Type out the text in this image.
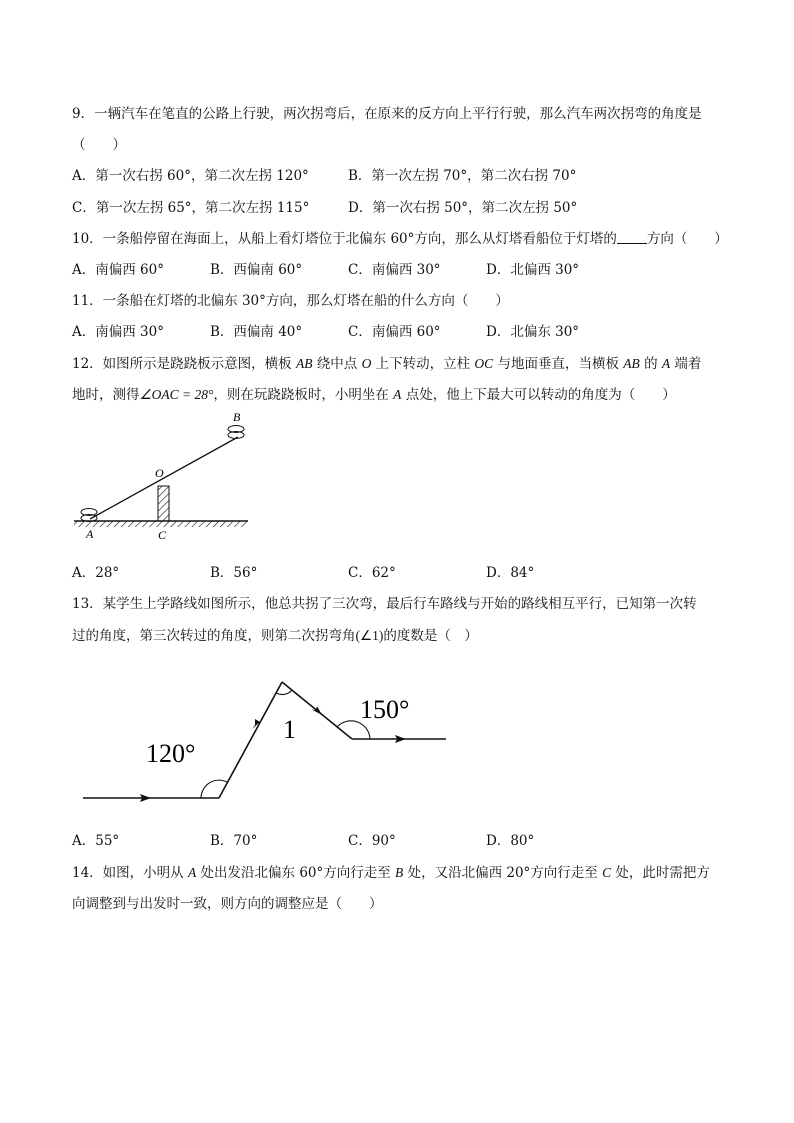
9．一辆汽车在笔直的公路上行驶，两次拐弯后，在原来的反方向上平行行驶，那么汽车两次拐弯的角度是
（　　）
A．第一次右拐 60°，第二次左拐 120°	B．第一次左拐 70°，第二次右拐 70°
C．第一次左拐 65°，第二次左拐 115°	D．第一次右拐 50°，第二次左拐 50°
10．一条船停留在海面上，从船上看灯塔位于北偏东 60°方向，那么从灯塔看船位于灯塔的 方向（　　）
A．南偏西 60°	B．西偏南 60°	C．南偏西 30°	D．北偏西 30°
11．一条船在灯塔的北偏东 30°方向，那么灯塔在船的什么方向（　　）
A．南偏西 30°	B．西偏南 40°	C．南偏西 60°	D．北偏东 30°
12．如图所示是跷跷板示意图，横板 AB 绕中点 O 上下转动，立柱 OC 与地面垂直，当横板 AB 的 A 端着
地时，测得∠OAC = 28°，则在玩跷跷板时，小明坐在 A 点处，他上下最大可以转动的角度为（　　）
A	C
O
B
A．28°	B．56°	C．62°	D．84°
13．某学生上学路线如图所示，他总共拐了三次弯，最后行车路线与开始的路线相互平行，已知第一次转
过的角度，第三次转过的角度，则第二次拐弯角(∠1)的度数是（　）
120°
1
150°
A．55°	B．70°	C．90°	D．80°
14．如图，小明从 A 处出发沿北偏东 60°方向行走至 B 处，又沿北偏西 20°方向行走至 C 处，此时需把方
向调整到与出发时一致，则方向的调整应是（　　）
